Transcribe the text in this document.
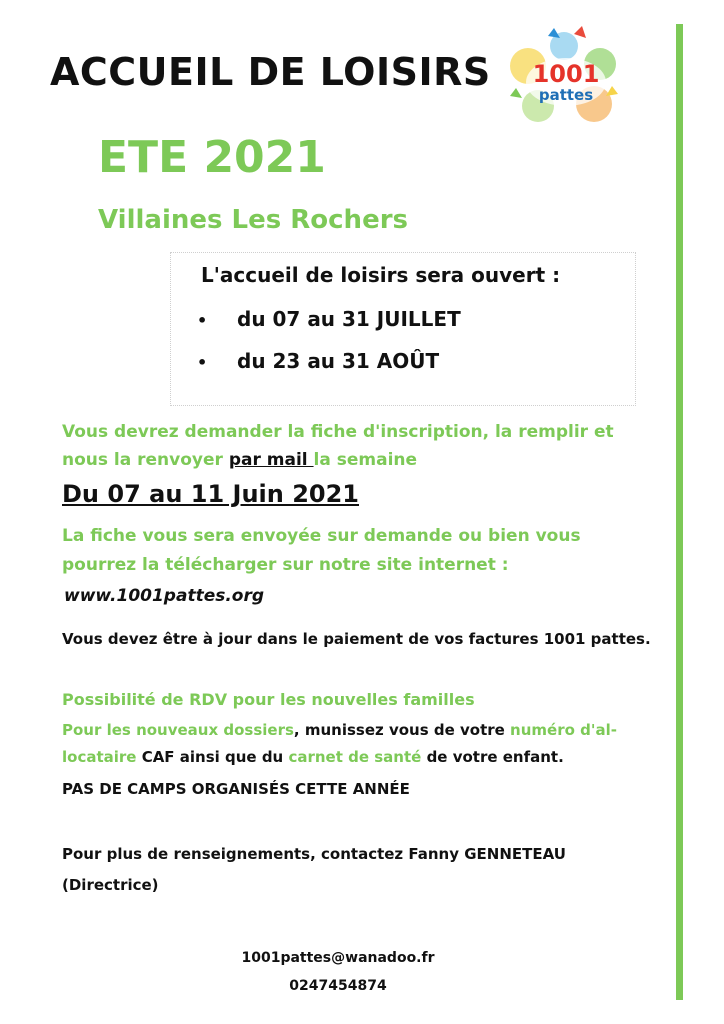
ACCUEIL DE LOISIRS 1001
pattes
ETE 2021
Villaines Les Rochers
L'accueil de loisirs sera ouvert :
• du 07 au 31 JUILLET
• du 23 au 31 AOÛT
Vous devrez demander la fiche d'inscription, la remplir et
nous la renvoyer par mail la semaine
Du 07 au 11 Juin 2021
La fiche vous sera envoyée sur demande ou bien vous
pourrez la télécharger sur notre site internet :
www.1001pattes.org
Vous devez être à jour dans le paiement de vos factures 1001 pattes.
Possibilité de RDV pour les nouvelles familles
Pour les nouveaux dossiers, munissez vous de votre numéro d'al-
locataire CAF ainsi que du carnet de santé de votre enfant.
PAS DE CAMPS ORGANISÉS CETTE ANNÉE
Pour plus de renseignements, contactez Fanny GENNETEAU
(Directrice)
1001pattes@wanadoo.fr
0247454874
